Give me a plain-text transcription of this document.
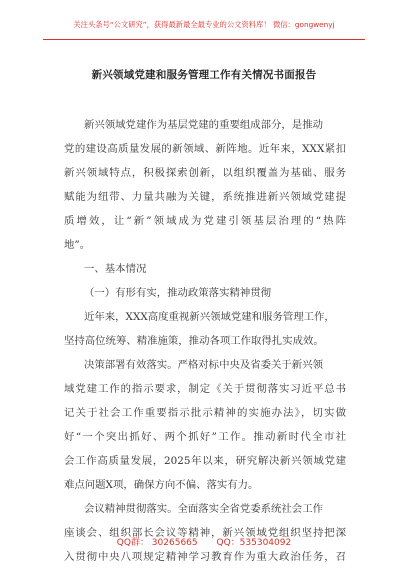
关注头条号“公文研究”，获得最新最全最专业的公文资料库！ 微信：gongwenyj
新兴领域党建和服务管理工作有关情况书面报告
新兴领域党建作为基层党建的重要组成部分，是推动
党的建设高质量发展的新领域、新阵地。近年来，XXX紧扣
新兴领域特点，积极探索创新，以组织覆盖为基础、服务
赋能为纽带、力量共融为关键，系统推进新兴领域党建提
质增效，让“新”领域成为党建引领基层治理的“热阵
地”。
一、基本情况
（一）有形有实，推动政策落实精神贯彻
近年来，XXX高度重视新兴领域党建和服务管理工作，
坚持高位统筹、精准施策，推动各项工作取得扎实成效。
决策部署有效落实。严格对标中央及省委关于新兴领
域党建工作的指示要求，制定《关于贯彻落实习近平总书
记关于社会工作重要指示批示精神的实施办法》，切实做
好“一个突出抓好、两个抓好”工作。推动新时代全市社
会工作高质量发展，2025年以来，研究解决新兴领域党建
难点问题X项，确保方向不偏、落实有力。
会议精神贯彻落实。全面落实全省党委系统社会工作
座谈会、组织部长会议等精神，新兴领域党组织坚持把深
入贯彻中央八项规定精神学习教育作为重大政治任务，召
QQ群： 30265665 QQ：535304092
